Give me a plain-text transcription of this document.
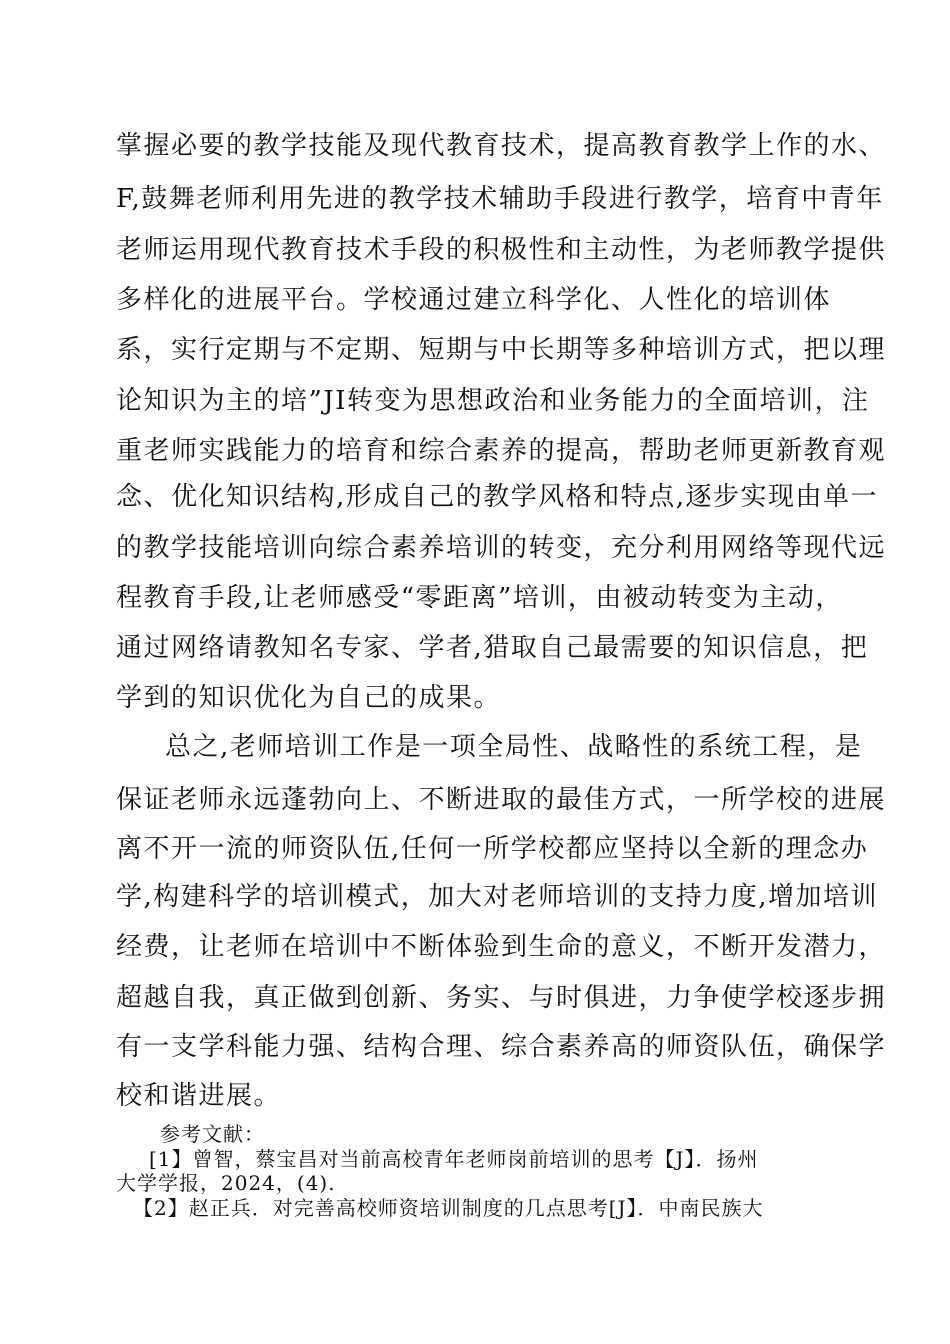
掌握必要的教学技能及现代教育技术，提高教育教学上作的水、
F,鼓舞老师利用先进的教学技术辅助手段进行教学，培育中青年
老师运用现代教育技术手段的积极性和主动性，为老师教学提供
多样化的进展平台。学校通过建立科学化、人性化的培训体
系，实行定期与不定期、短期与中长期等多种培训方式，把以理
论知识为主的培”JI转变为思想政治和业务能力的全面培训，注
重老师实践能力的培育和综合素养的提高，帮助老师更新教育观
念、优化知识结构,形成自己的教学风格和特点,逐步实现由单一
的教学技能培训向综合素养培训的转变，充分利用网络等现代远
程教育手段,让老师感受“零距离”培训，由被动转变为主动，
通过网络请教知名专家、学者,猎取自己最需要的知识信息，把
学到的知识优化为自己的成果。
总之,老师培训工作是一项全局性、战略性的系统工程，是
保证老师永远蓬勃向上、不断进取的最佳方式，一所学校的进展
离不开一流的师资队伍,任何一所学校都应坚持以全新的理念办
学,构建科学的培训模式，加大对老师培训的支持力度,增加培训
经费，让老师在培训中不断体验到生命的意义，不断开发潜力，
超越自我，真正做到创新、务实、与时俱进，力争使学校逐步拥
有一支学科能力强、结构合理、综合素养高的师资队伍，确保学
校和谐进展。
参考文献：
[1】曾智，蔡宝昌对当前高校青年老师岗前培训的思考【J】．扬州
大学学报，2024，(4).
【2】赵正兵．对完善高校师资培训制度的几点思考[J】．中南民族大
